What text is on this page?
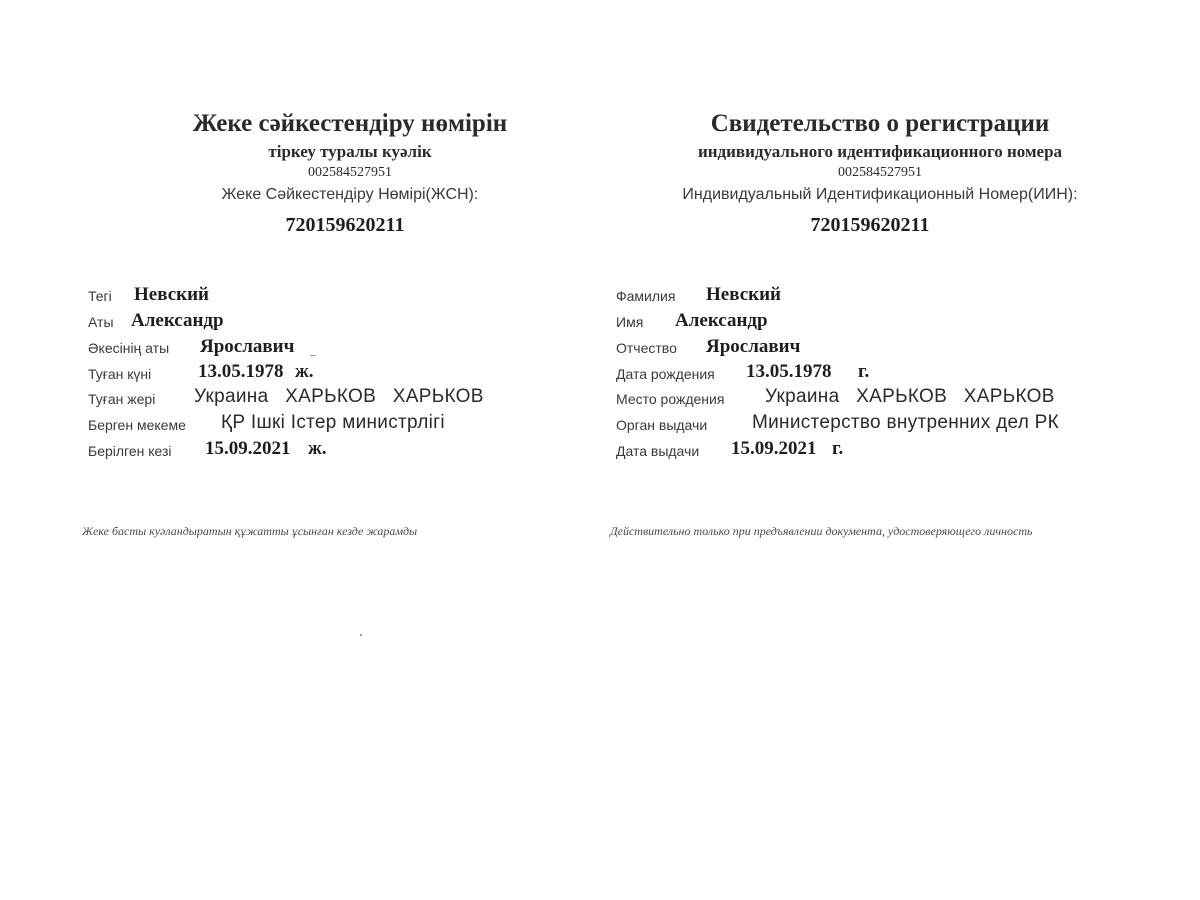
Жеке сәйкестендіру нөмірін
тіркеу туралы куәлік
002584527951
Жеке Сәйкестендіру Нөмірі(ЖСН):
720159620211
Тегі Невский
Аты Александр
Әкесінің аты Ярославич
Туған күні 13.05.1978 ж.
Туған жері Украина   ХАРЬКОВ   ХАРЬКОВ
Берген мекеме ҚР Ішкі Істер министрлігі
Берілген кезі 15.09.2021 ж.
Жеке басты куәландыратын құжатты ұсынған кезде жарамды
Свидетельство о регистрации
индивидуального идентификационного номера
002584527951
Индивидуальный Идентификационный Номер(ИИН):
720159620211
Фамилия Невский
Имя Александр
Отчество Ярославич
Дата рождения 13.05.1978 г.
Место рождения Украина   ХАРЬКОВ   ХАРЬКОВ
Орган выдачи Министерство внутренних дел РК
Дата выдачи 15.09.2021 г.
Действительно только при предъявлении документа, удостоверяющего личность
